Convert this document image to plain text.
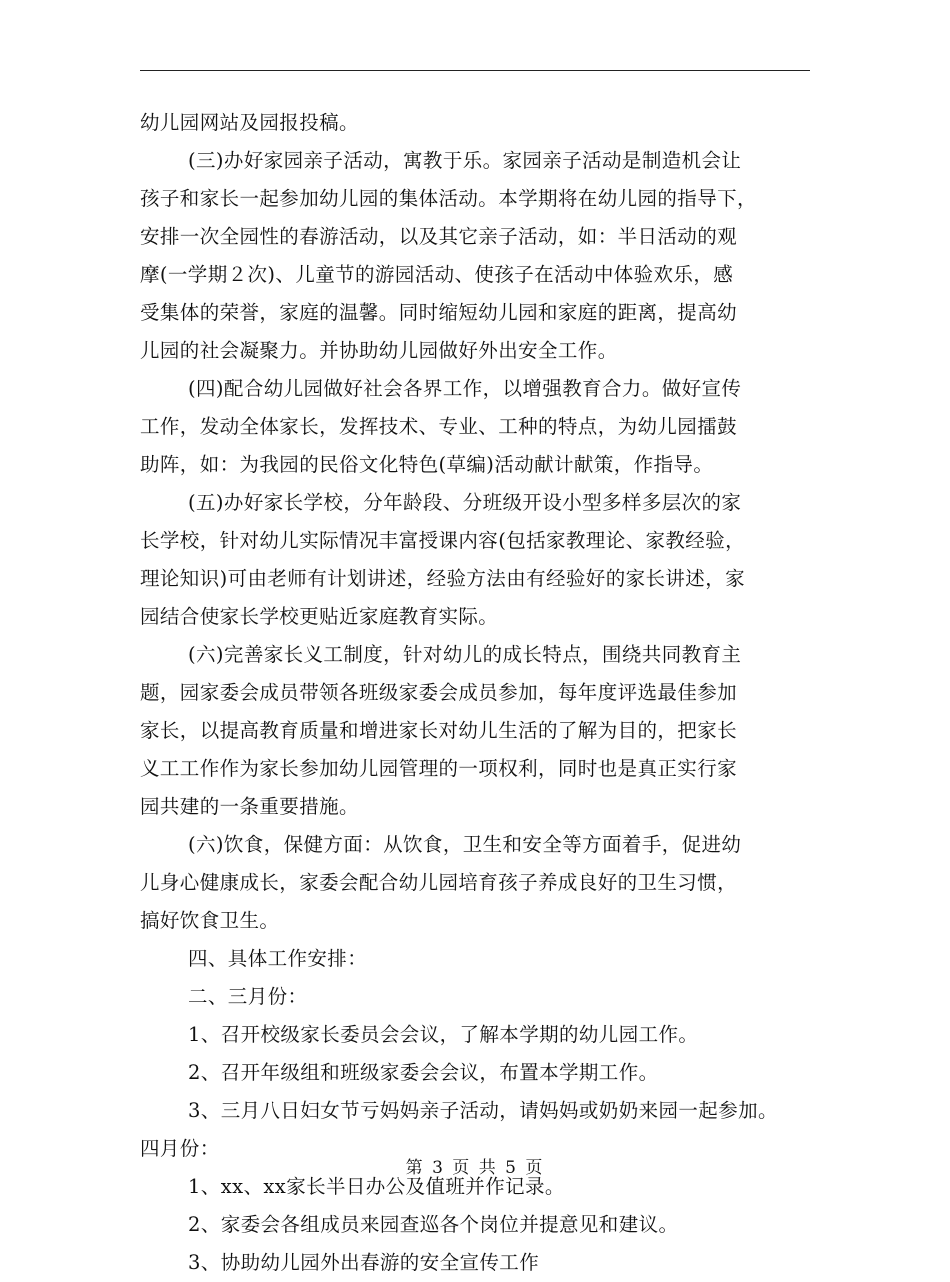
幼儿园网站及园报投稿。
(三)办好家园亲子活动，寓教于乐。家园亲子活动是制造机会让
孩子和家长一起参加幼儿园的集体活动。本学期将在幼儿园的指导下，
安排一次全园性的春游活动，以及其它亲子活动，如：半日活动的观
摩(一学期２次)、儿童节的游园活动、使孩子在活动中体验欢乐，感
受集体的荣誉，家庭的温馨。同时缩短幼儿园和家庭的距离，提高幼
儿园的社会凝聚力。并协助幼儿园做好外出安全工作。
(四)配合幼儿园做好社会各界工作，以增强教育合力。做好宣传
工作，发动全体家长，发挥技术、专业、工种的特点，为幼儿园擂鼓
助阵，如：为我园的民俗文化特色(草编)活动献计献策，作指导。
(五)办好家长学校，分年龄段、分班级开设小型多样多层次的家
长学校，针对幼儿实际情况丰富授课内容(包括家教理论、家教经验，
理论知识)可由老师有计划讲述，经验方法由有经验好的家长讲述，家
园结合使家长学校更贴近家庭教育实际。
(六)完善家长义工制度，针对幼儿的成长特点，围绕共同教育主
题，园家委会成员带领各班级家委会成员参加，每年度评选最佳参加
家长，以提高教育质量和增进家长对幼儿生活的了解为目的，把家长
义工工作作为家长参加幼儿园管理的一项权利，同时也是真正实行家
园共建的一条重要措施。
(六)饮食，保健方面：从饮食，卫生和安全等方面着手，促进幼
儿身心健康成长，家委会配合幼儿园培育孩子养成良好的卫生习惯，
搞好饮食卫生。
四、具体工作安排：
二、三月份：
1、召开校级家长委员会会议，了解本学期的幼儿园工作。
2、召开年级组和班级家委会会议，布置本学期工作。
3、三月八日妇女节亏妈妈亲子活动，请妈妈或奶奶来园一起参加。
四月份：
1、xx、xx家长半日办公及值班并作记录。
2、家委会各组成员来园查巡各个岗位并提意见和建议。
3、协助幼儿园外出春游的安全宣传工作
第 3 页 共 5 页
